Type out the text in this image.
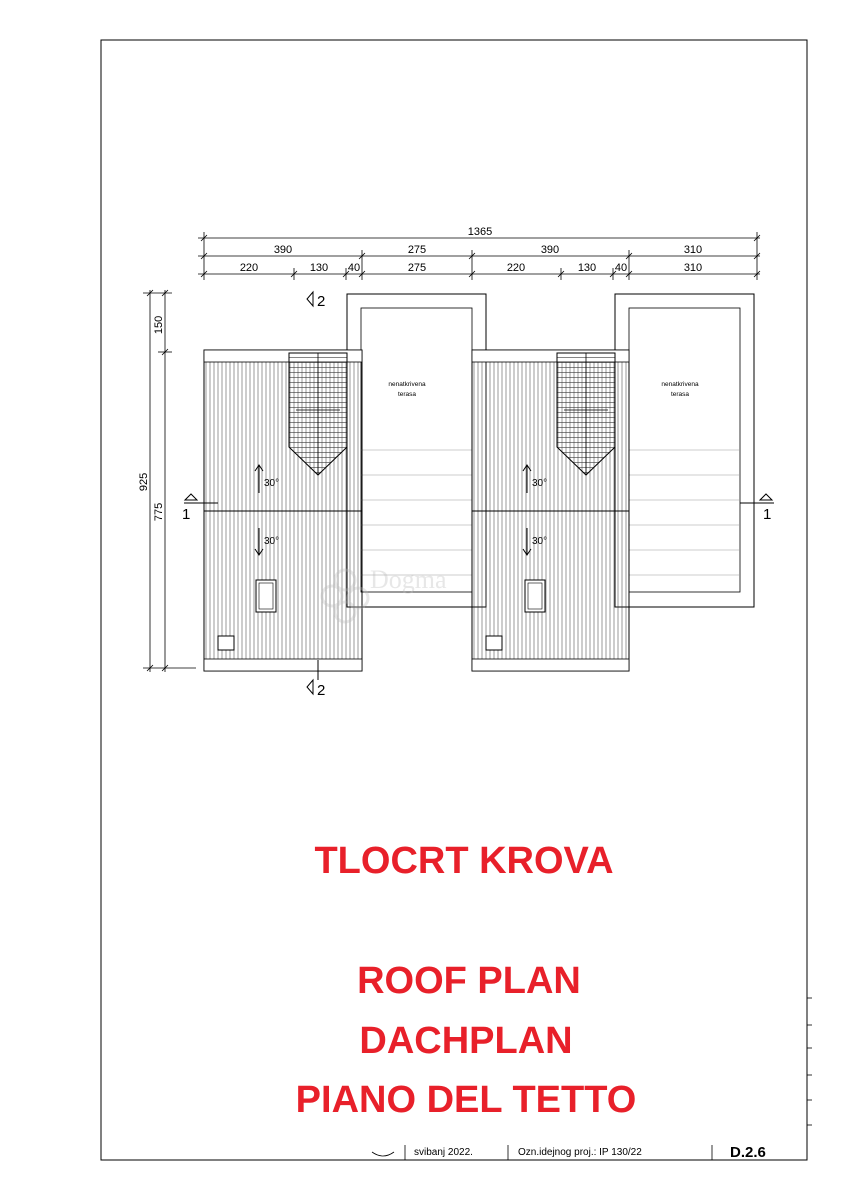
svibanj 2022.	Ozn.idejnog proj.: IP 130/22	D.2.6
1365
390	275	390	310
220	130 40	275	220	130 40	310
150
925
775
30°
30°
nenatkrivena
terasa
30°
30°
nenatkrivena
terasa
1	1
2
2
Dogma
TLOCRT KROVA
ROOF PLAN
DACHPLAN
PIANO DEL TETTO
